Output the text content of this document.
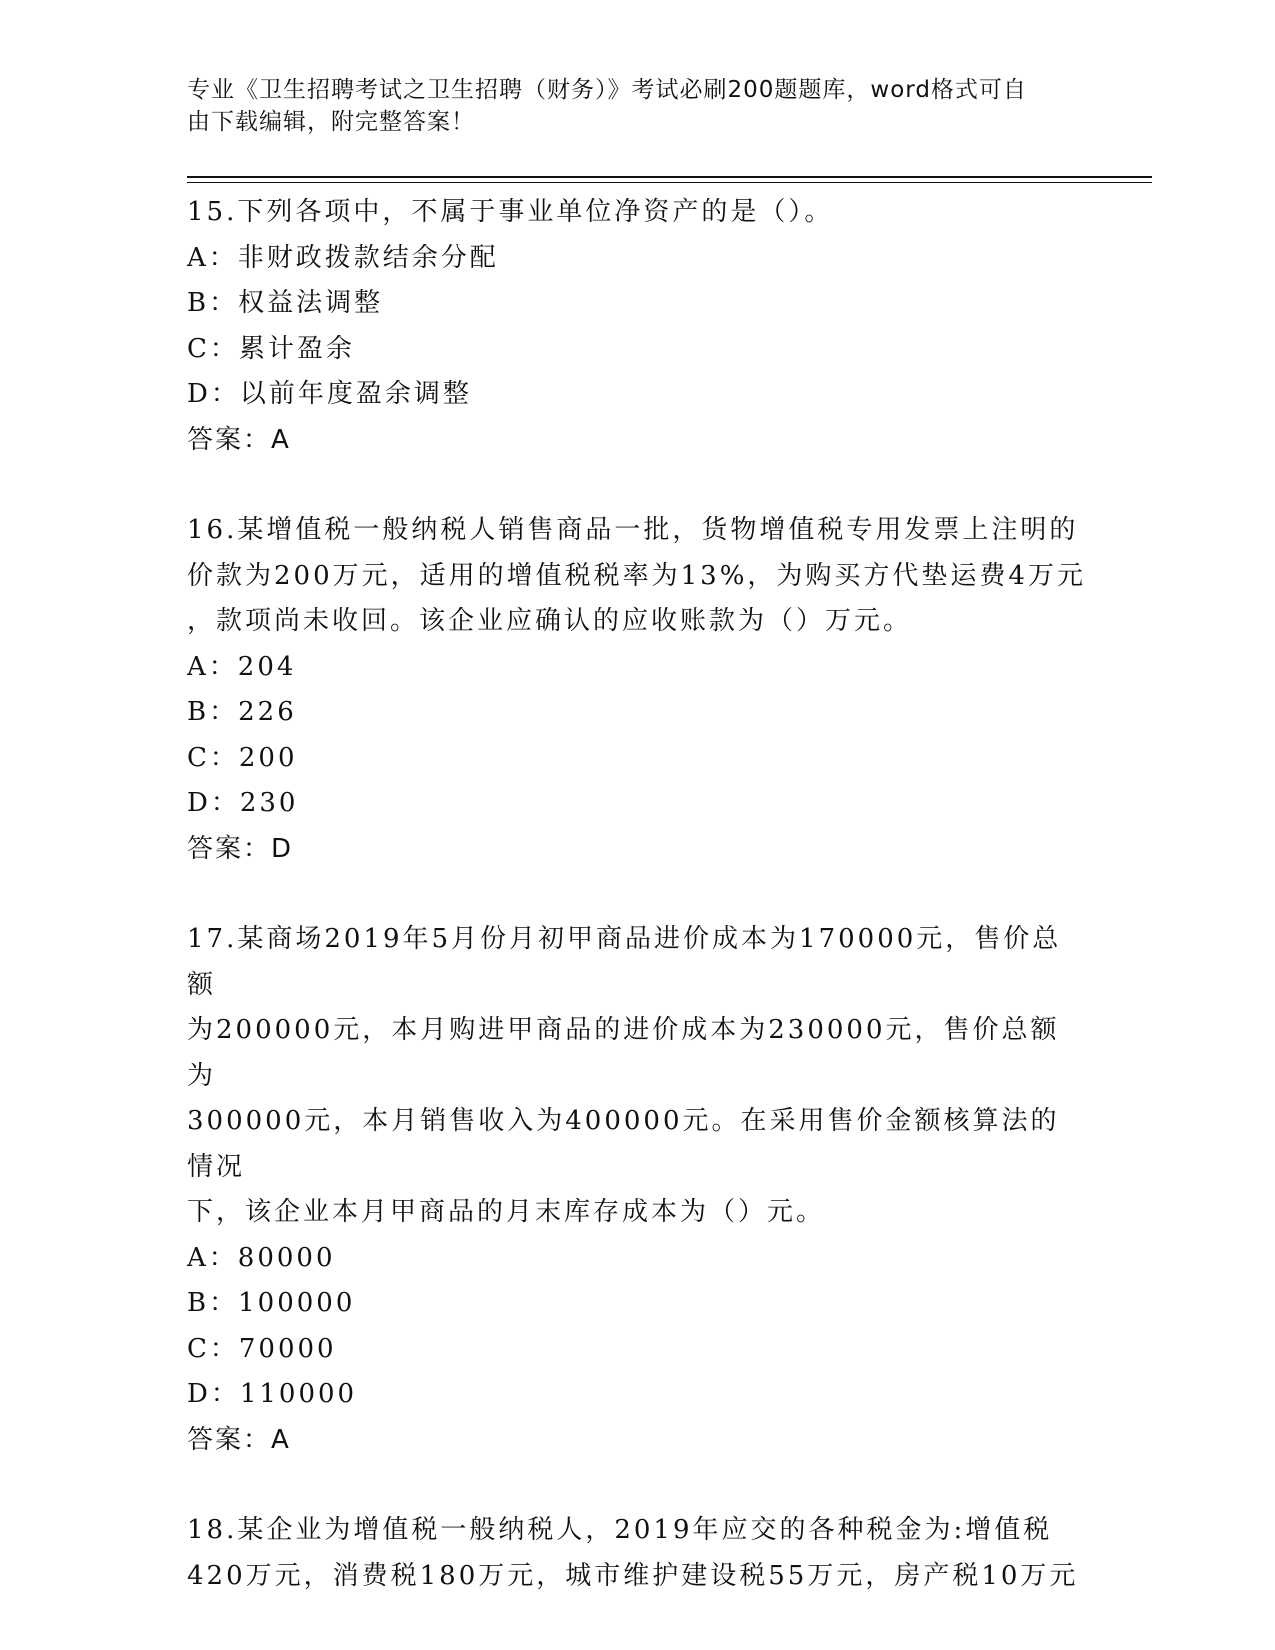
专业《卫生招聘考试之卫生招聘（财务）》考试必刷200题题库，word格式可自
由下载编辑，附完整答案！

15.下列各项中，不属于事业单位净资产的是（）。

A：非财政拨款结余分配

B：权益法调整

C：累计盈余

D：以前年度盈余调整

答案：A

16.某增值税一般纳税人销售商品一批，货物增值税专用发票上注明的

价款为200万元，适用的增值税税率为13%，为购买方代垫运费4万元

，款项尚未收回。该企业应确认的应收账款为（）万元。

A：204

B：226

C：200

D：230

答案：D

17.某商场2019年5月份月初甲商品进价成本为170000元，售价总额

为200000元，本月购进甲商品的进价成本为230000元，售价总额为

300000元，本月销售收入为400000元。在采用售价金额核算法的情况

下，该企业本月甲商品的月末库存成本为（）元。

A：80000

B：100000

C：70000

D：110000

答案：A

18.某企业为增值税一般纳税人，2019年应交的各种税金为:增值税

420万元，消费税180万元，城市维护建设税55万元，房产税10万元
